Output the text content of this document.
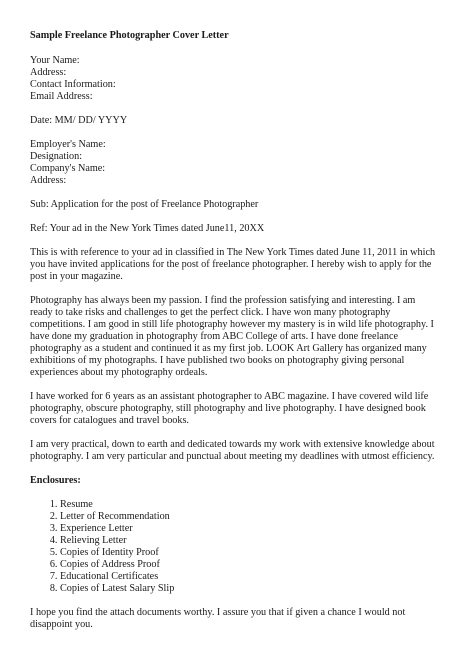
Sample Freelance Photographer Cover Letter
Your Name:
Address:
Contact Information:
Email Address:
Date: MM/ DD/ YYYY
Employer's Name:
Designation:
Company's Name:
Address:
Sub: Application for the post of Freelance Photographer
Ref: Your ad in the New York Times dated June11, 20XX

This is with reference to your ad in classified in The New York Times dated June 11, 2011 in which
you have invited applications for the post of freelance photographer. I hereby wish to apply for the
post in your magazine.

Photography has always been my passion. I find the profession satisfying and interesting. I am
ready to take risks and challenges to get the perfect click. I have won many photography
competitions. I am good in still life photography however my mastery is in wild life photography. I
have done my graduation in photography from ABC College of arts. I have done freelance
photography as a student and continued it as my first job. LOOK Art Gallery has organized many
exhibitions of my photographs. I have published two books on photography giving personal
experiences about my photography ordeals.

I have worked for 6 years as an assistant photographer to ABC magazine. I have covered wild life
photography, obscure photography, still photography and live photography. I have designed book
covers for catalogues and travel books.

I am very practical, down to earth and dedicated towards my work with extensive knowledge about
photography. I am very particular and punctual about meeting my deadlines with utmost efficiency.

Enclosures:
1. Resume
2. Letter of Recommendation
3. Experience Letter
4. Relieving Letter
5. Copies of Identity Proof
6. Copies of Address Proof
7. Educational Certificates
8. Copies of Latest Salary Slip

I hope you find the attach documents worthy. I assure you that if given a chance I would not
disappoint you.
